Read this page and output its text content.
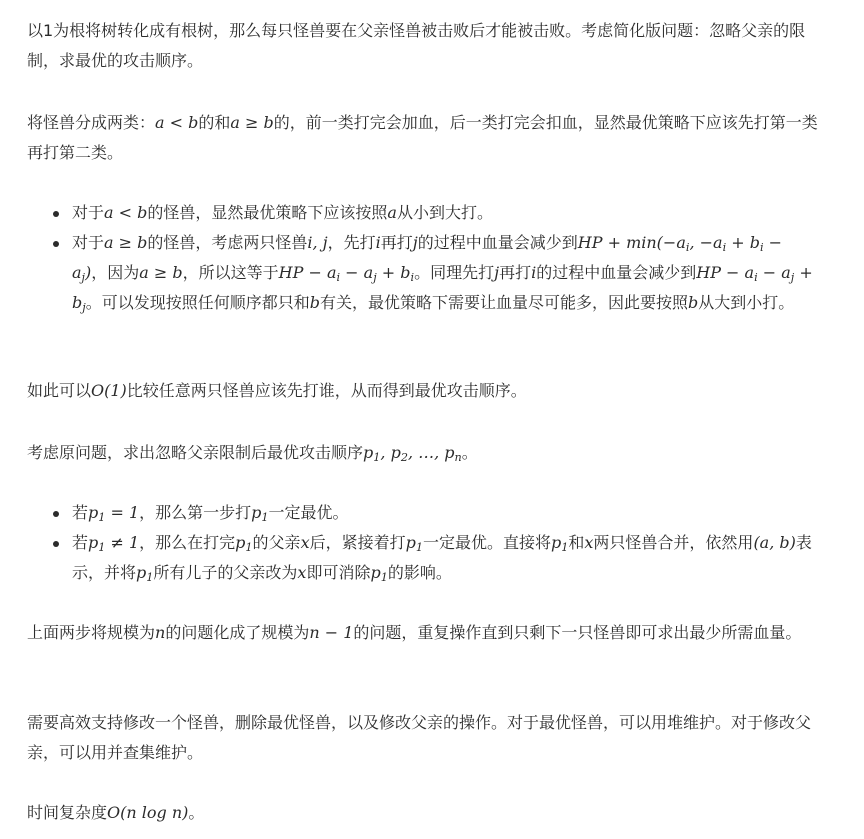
以1为根将树转化成有根树，那么每只怪兽要在父亲怪兽被击败后才能被击败。考虑简化版问题：忽略父亲的限制，求最优的攻击顺序。

将怪兽分成两类：a < b的和a ≥ b的，前一类打完会加血，后一类打完会扣血，显然最优策略下应该先打第一类再打第二类。

对于a < b的怪兽，显然最优策略下应该按照a从小到大打。
对于a ≥ b的怪兽，考虑两只怪兽i, j，先打i再打j的过程中血量会减少到HP + $\min(-a_i$, $-a_i + b_i - a_j$)，因为a ≥ b，所以这等于HP − $a_i - a_j + b_i$。同理先打j再打i的过程中血量会减少到HP − $a_i - a_j + b_j$。可以发现按照任何顺序都只和b有关，最优策略下需要让血量尽可能多，因此要按照b从大到小打。

如此可以O(1)比较任意两只怪兽应该先打谁，从而得到最优攻击顺序。

考虑原问题，求出忽略父亲限制后最优攻击顺序$p_1$, $p_2$, …, $p_n$。

若$p_1 = 1$，那么第一步打$p_1$一定最优。
若$p_1 \ne 1$，那么在打完$p_1$的父亲x后，紧接着打$p_1$一定最优。直接将$p_1$和x两只怪兽合并，依然用(a, b)表示，并将$p_1$所有儿子的父亲改为x即可消除$p_1$的影响。

上面两步将规模为n的问题化成了规模为n − 1的问题，重复操作直到只剩下一只怪兽即可求出最少所需血量。

需要高效支持修改一个怪兽，删除最优怪兽，以及修改父亲的操作。对于最优怪兽，可以用堆维护。对于修改父亲，可以用并查集维护。

时间复杂度O(n log n)。
